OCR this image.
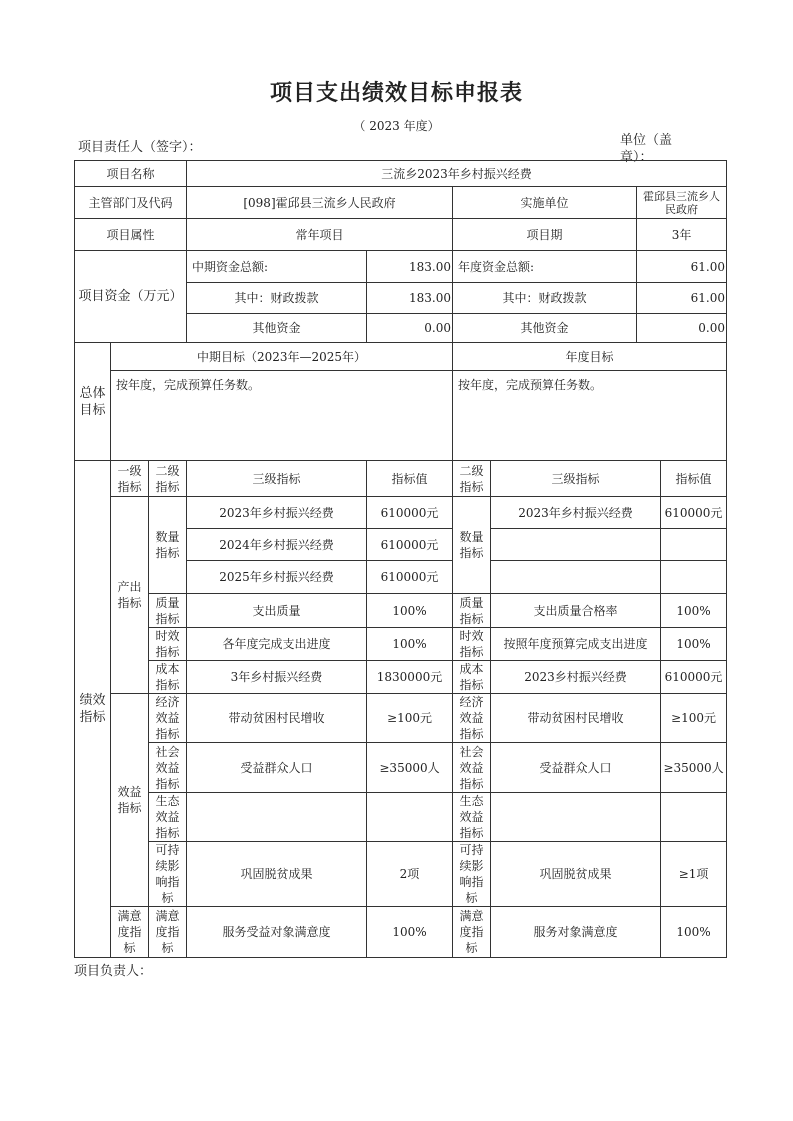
项目支出绩效目标申报表
（ 2023 年度）
项目责任人（签字）：	单位（盖章）：
项目名称			三流乡2023年乡村振兴经费					
主管部门及代码			[098]霍邱县三流乡人民政府		实施单位		霍邱县三流乡人民政府	
项目属性			常年项目		项目期		3年	
项目资金（万元）			中期资金总额:	183.00	年度资金总额:		61.00	
			其中：财政拨款	183.00	其中：财政拨款		61.00	
			其他资金	0.00	其他资金		0.00	
总体目标	中期目标（2023年—2025年）				年度目标			
	按年度，完成预算任务数。				按年度，完成预算任务数。			
绩效指标	一级指标	二级指标	三级指标	指标值	二级指标	三级指标		指标值
	产出指标	数量指标	2023年乡村振兴经费	610000元	数量指标	2023年乡村振兴经费		610000元
			2024年乡村振兴经费	610000元				
			2025年乡村振兴经费	610000元				
		质量指标	支出质量	100%	质量指标	支出质量合格率		100%
		时效指标	各年度完成支出进度	100%	时效指标	按照年度预算完成支出进度		100%
		成本指标	3年乡村振兴经费	1830000元	成本指标	2023乡村振兴经费		610000元
	效益指标	经济效益指标	带动贫困村民增收	≥100元	经济效益指标	带动贫困村民增收		≥100元
		社会效益指标	受益群众人口	≥35000人	社会效益指标	受益群众人口		≥35000人
		生态效益指标			生态效益指标			
		可持续影响指标	巩固脱贫成果	2项	可持续影响指标	巩固脱贫成果		≥1项
	满意度指标	满意度指标	服务受益对象满意度	100%	满意度指标	服务对象满意度		100%
项目负责人：
